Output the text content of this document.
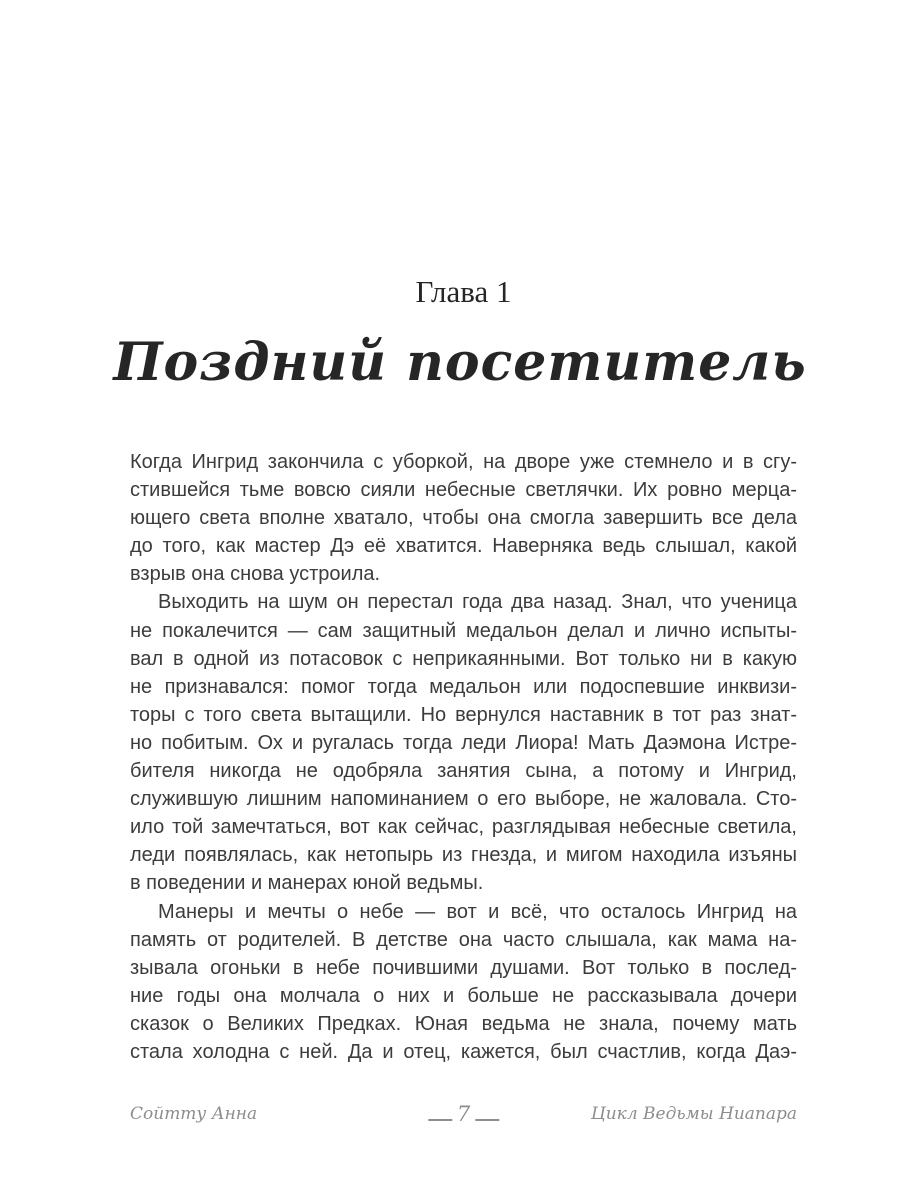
Глава 1
Поздний посетитель
Когда Ингрид закончила с уборкой, на дворе уже стемнело и в сгу-
стившейся тьме вовсю сияли небесные светлячки. Их ровно мерца-
ющего света вполне хватало, чтобы она смогла завершить все дела
до того, как мастер Дэ её хватится. Наверняка ведь слышал, какой
взрыв она снова устроила.
Выходить на шум он перестал года два назад. Знал, что ученица
не покалечится — сам защитный медальон делал и лично испыты-
вал в одной из потасовок с неприкаянными. Вот только ни в какую
не признавался: помог тогда медальон или подоспевшие инквизи-
торы с того света вытащили. Но вернулся наставник в тот раз знат-
но побитым. Ох и ругалась тогда леди Лиора! Мать Даэмона Истре-
бителя никогда не одобряла занятия сына, а потому и Ингрид,
служившую лишним напоминанием о его выборе, не жаловала. Сто-
ило той замечтаться, вот как сейчас, разглядывая небесные светила,
леди появлялась, как нетопырь из гнезда, и мигом находила изъяны
в поведении и манерах юной ведьмы.
Манеры и мечты о небе — вот и всё, что осталось Ингрид на
память от родителей. В детстве она часто слышала, как мама на-
зывала огоньки в небе почившими душами. Вот только в послед-
ние годы она молчала о них и больше не рассказывала дочери
сказок о Великих Предках. Юная ведьма не знала, почему мать
стала холодна с ней. Да и отец, кажется, был счастлив, когда Даэ-
Сойтту Анна	7	Цикл Ведьмы Ниапара
